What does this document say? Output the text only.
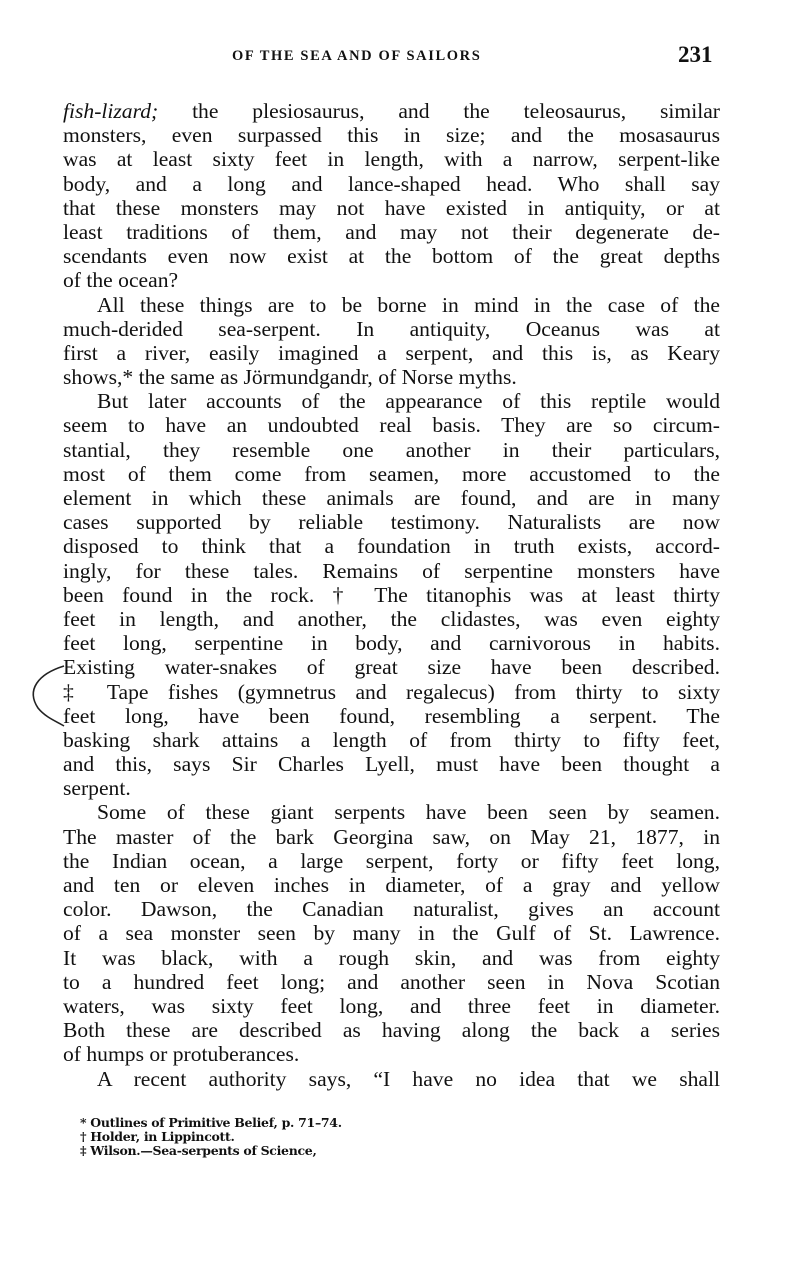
OF THE SEA AND OF SAILORS	231
fish-lizard; the plesiosaurus, and the teleosaurus, similar
monsters, even surpassed this in size; and the mosasaurus
was at least sixty feet in length, with a narrow, serpent-like
body, and a long and lance-shaped head. Who shall say
that these monsters may not have existed in antiquity, or at
least traditions of them, and may not their degenerate de-
scendants even now exist at the bottom of the great depths
of the ocean?
All these things are to be borne in mind in the case of the
much-derided sea-serpent. In antiquity, Oceanus was at
first a river, easily imagined a serpent, and this is, as Keary
shows,* the same as Jörmundgandr, of Norse myths.
But later accounts of the appearance of this reptile would
seem to have an undoubted real basis. They are so circum-
stantial, they resemble one another in their particulars,
most of them come from seamen, more accustomed to the
element in which these animals are found, and are in many
cases supported by reliable testimony. Naturalists are now
disposed to think that a foundation in truth exists, accord-
ingly, for these tales. Remains of serpentine monsters have
been found in the rock. † The titanophis was at least thirty
feet in length, and another, the clidastes, was even eighty
feet long, serpentine in body, and carnivorous in habits.
Existing water-snakes of great size have been described.
‡ Tape fishes (gymnetrus and regalecus) from thirty to sixty
feet long, have been found, resembling a serpent. The
basking shark attains a length of from thirty to fifty feet,
and this, says Sir Charles Lyell, must have been thought a
serpent.
Some of these giant serpents have been seen by seamen.
The master of the bark Georgina saw, on May 21, 1877, in
the Indian ocean, a large serpent, forty or fifty feet long,
and ten or eleven inches in diameter, of a gray and yellow
color. Dawson, the Canadian naturalist, gives an account
of a sea monster seen by many in the Gulf of St. Lawrence.
It was black, with a rough skin, and was from eighty
to a hundred feet long; and another seen in Nova Scotian
waters, was sixty feet long, and three feet in diameter.
Both these are described as having along the back a series
of humps or protuberances.
A recent authority says, “I have no idea that we shall
* Outlines of Primitive Belief, p. 71–74.
† Holder, in Lippincott.
‡ Wilson.—Sea-serpents of Science,
